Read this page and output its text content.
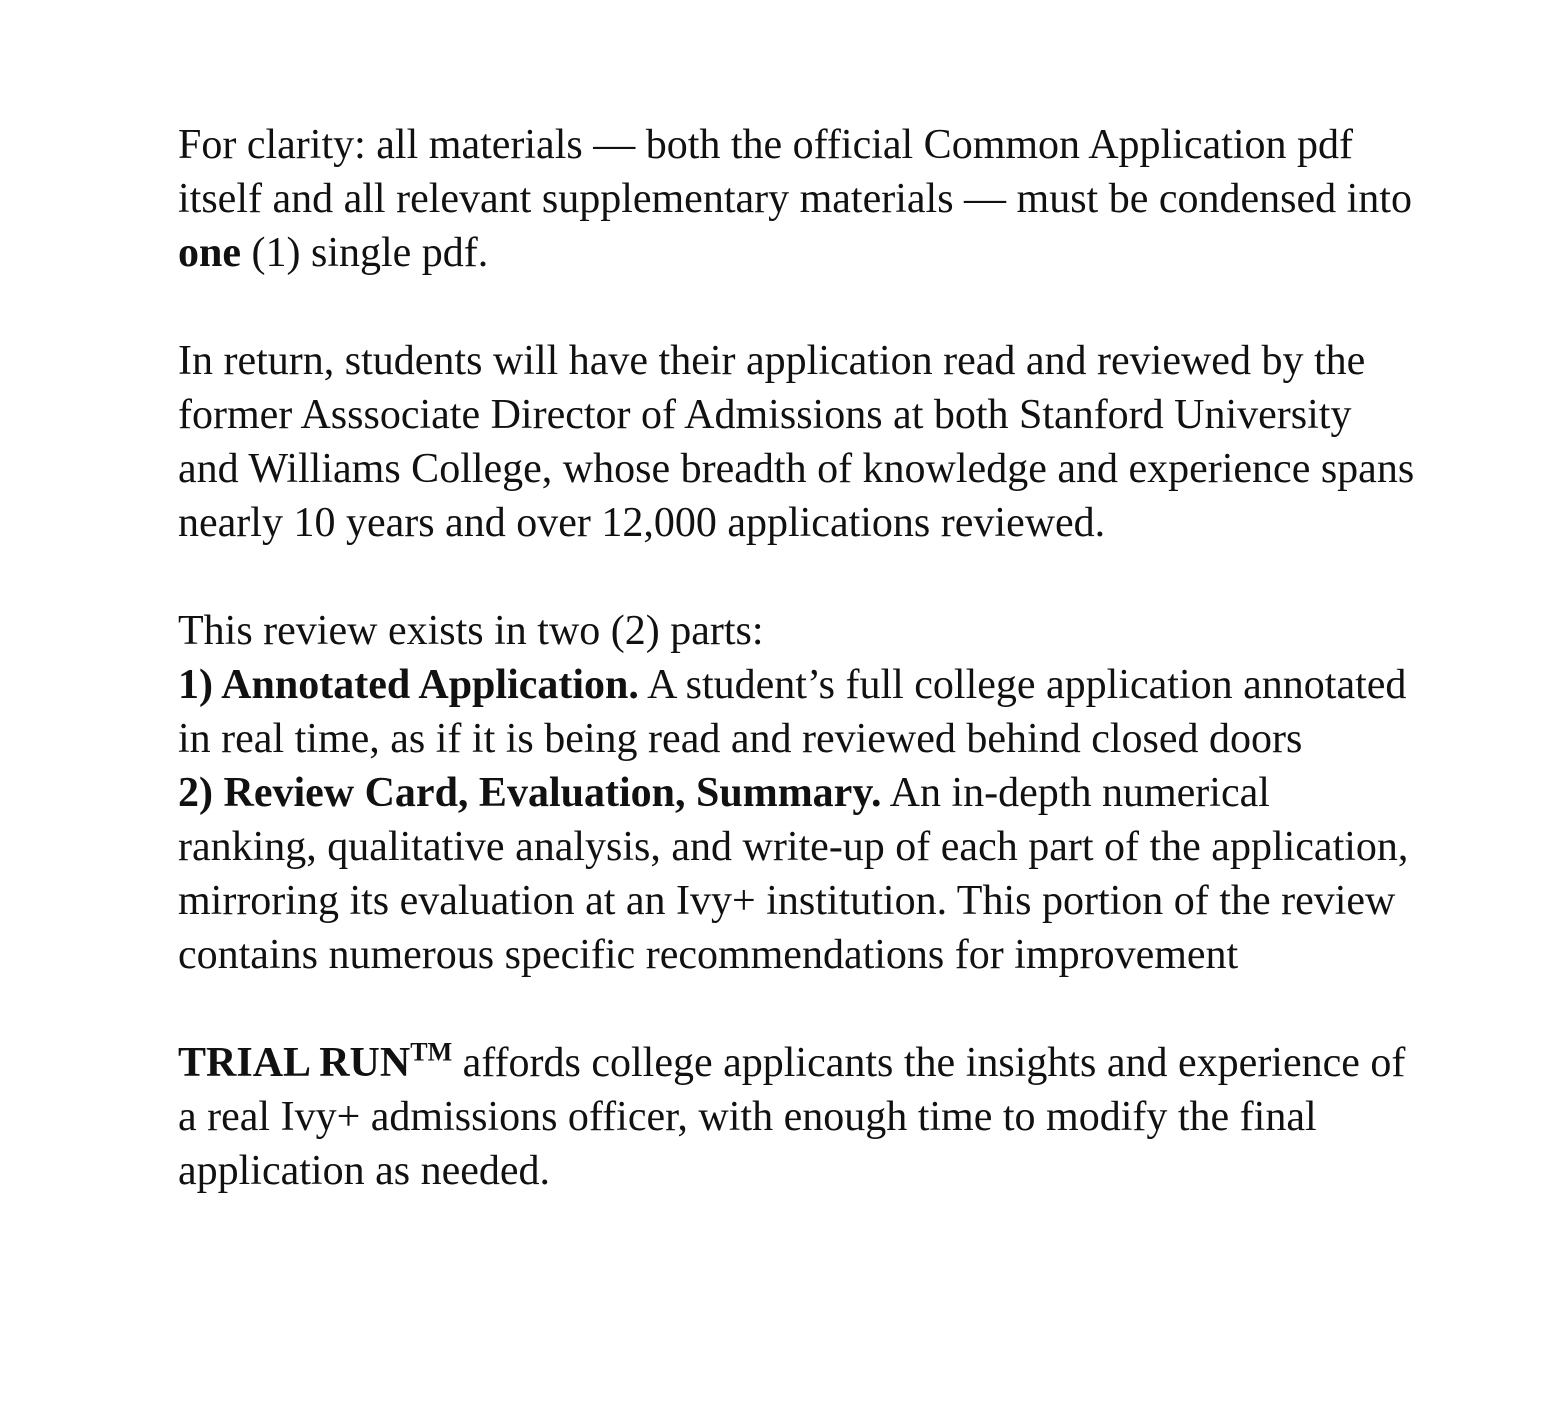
For clarity: all materials — both the official Common Application pdf itself and all relevant supplementary materials — must be condensed into one (1) single pdf.

In return, students will have their application read and reviewed by the former Asssociate Director of Admissions at both Stanford University and Williams College, whose breadth of knowledge and experience spans nearly 10 years and over 12,000 applications reviewed.

This review exists in two (2) parts:

1) Annotated Application. A student’s full college application annotated in real time, as if it is being read and reviewed behind closed doors

2) Review Card, Evaluation, Summary. An in-depth numerical ranking, qualitative analysis, and write-up of each part of the application, mirroring its evaluation at an Ivy+ institution. This portion of the review contains numerous specific recommendations for improvement

TRIAL RUN™ affords college applicants the insights and experience of a real Ivy+ admissions officer, with enough time to modify the final application as needed.
